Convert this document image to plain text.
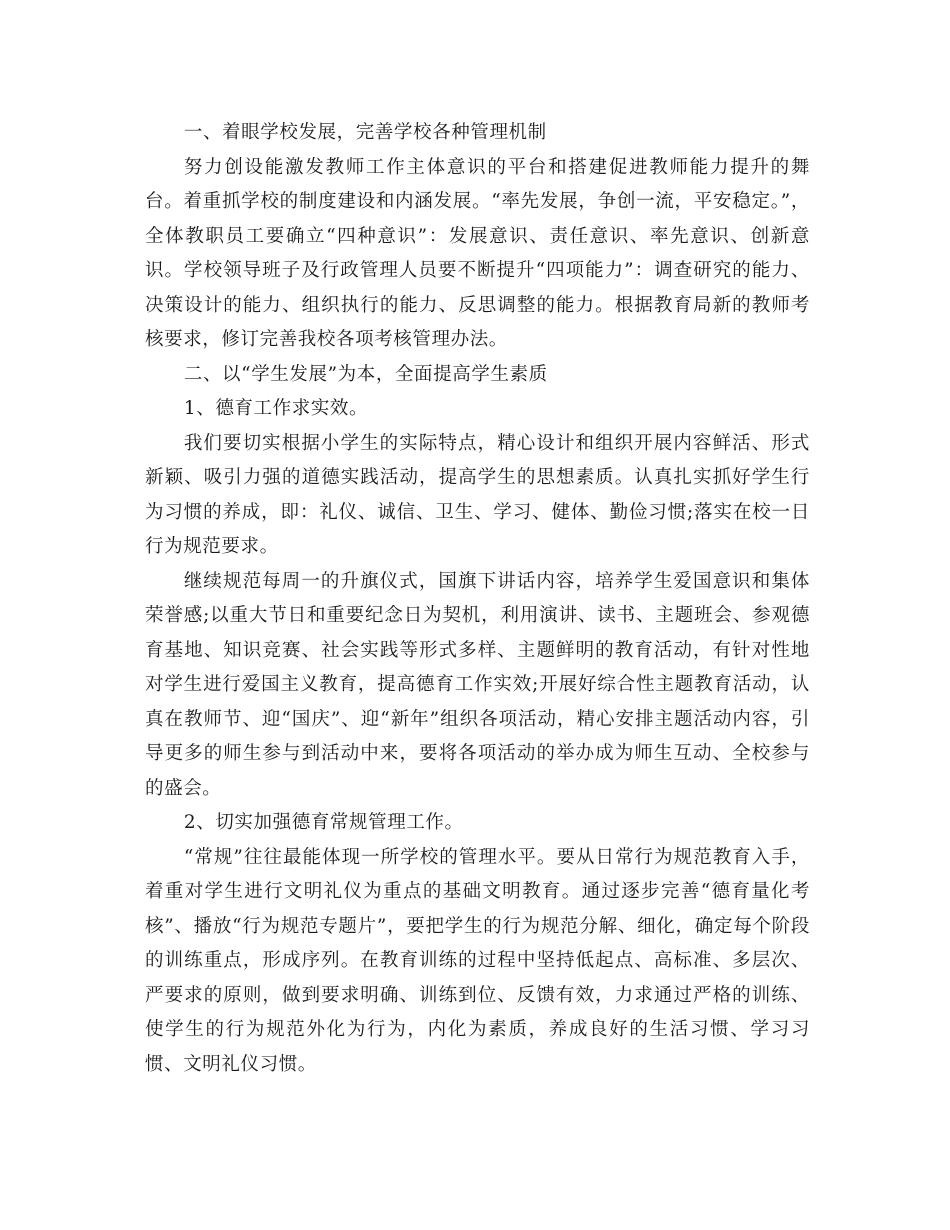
一、着眼学校发展，完善学校各种管理机制

努力创设能激发教师工作主体意识的平台和搭建促进教师能力提升的舞台。着重抓学校的制度建设和内涵发展。“率先发展，争创一流，平安稳定。”，全体教职员工要确立“四种意识”：发展意识、责任意识、率先意识、创新意识。学校领导班子及行政管理人员要不断提升“四项能力”：调查研究的能力、决策设计的能力、组织执行的能力、反思调整的能力。根据教育局新的教师考核要求，修订完善我校各项考核管理办法。

二、以“学生发展”为本，全面提高学生素质

1、德育工作求实效。

我们要切实根据小学生的实际特点，精心设计和组织开展内容鲜活、形式新颖、吸引力强的道德实践活动，提高学生的思想素质。认真扎实抓好学生行为习惯的养成，即：礼仪、诚信、卫生、学习、健体、勤俭习惯;落实在校一日行为规范要求。

继续规范每周一的升旗仪式，国旗下讲话内容，培养学生爱国意识和集体荣誉感;以重大节日和重要纪念日为契机，利用演讲、读书、主题班会、参观德育基地、知识竞赛、社会实践等形式多样、主题鲜明的教育活动，有针对性地对学生进行爱国主义教育，提高德育工作实效;开展好综合性主题教育活动，认真在教师节、迎“国庆”、迎“新年”组织各项活动，精心安排主题活动内容，引导更多的师生参与到活动中来，要将各项活动的举办成为师生互动、全校参与的盛会。

2、切实加强德育常规管理工作。

“常规”往往最能体现一所学校的管理水平。要从日常行为规范教育入手，着重对学生进行文明礼仪为重点的基础文明教育。通过逐步完善“德育量化考核”、播放“行为规范专题片”，要把学生的行为规范分解、细化，确定每个阶段的训练重点，形成序列。在教育训练的过程中坚持低起点、高标准、多层次、严要求的原则，做到要求明确、训练到位、反馈有效，力求通过严格的训练、使学生的行为规范外化为行为，内化为素质，养成良好的生活习惯、学习习惯、文明礼仪习惯。
